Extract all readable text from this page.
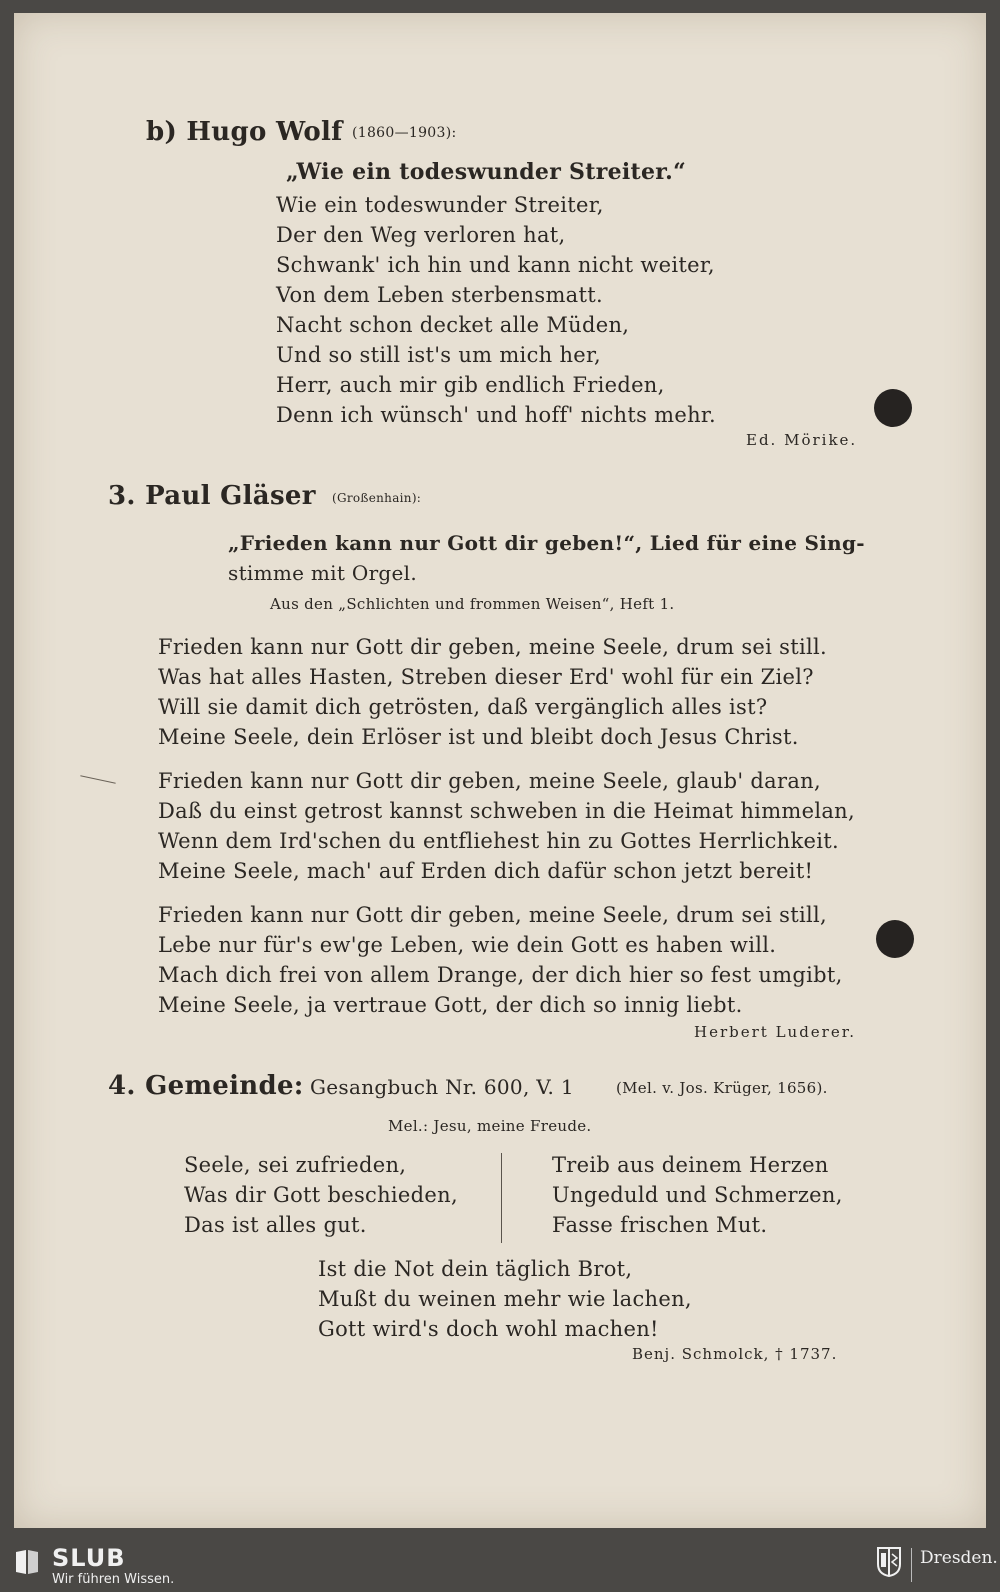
b) Hugo Wolf (1860—1903):
„Wie ein todeswunder Streiter.“
Wie ein todeswunder Streiter,
Der den Weg verloren hat,
Schwank' ich hin und kann nicht weiter,
Von dem Leben sterbensmatt.
Nacht schon decket alle Müden,
Und so still ist's um mich her,
Herr, auch mir gib endlich Frieden,
Denn ich wünsch' und hoff' nichts mehr.
Ed. Mörike.
3. Paul Gläser (Großenhain):
„Frieden kann nur Gott dir geben!“, Lied für eine Sing-
stimme mit Orgel.
Aus den „Schlichten und frommen Weisen“, Heft 1.
Frieden kann nur Gott dir geben, meine Seele, drum sei still.
Was hat alles Hasten, Streben dieser Erd' wohl für ein Ziel?
Will sie damit dich getrösten, daß vergänglich alles ist?
Meine Seele, dein Erlöser ist und bleibt doch Jesus Christ.
Frieden kann nur Gott dir geben, meine Seele, glaub' daran,
Daß du einst getrost kannst schweben in die Heimat himmelan,
Wenn dem Ird'schen du entfliehest hin zu Gottes Herrlichkeit.
Meine Seele, mach' auf Erden dich dafür schon jetzt bereit!
Frieden kann nur Gott dir geben, meine Seele, drum sei still,
Lebe nur für's ew'ge Leben, wie dein Gott es haben will.
Mach dich frei von allem Drange, der dich hier so fest umgibt,
Meine Seele, ja vertraue Gott, der dich so innig liebt.
Herbert Luderer.
4. Gemeinde: Gesangbuch Nr. 600, V. 1	(Mel. v. Jos. Krüger, 1656).
Mel.: Jesu, meine Freude.
Seele, sei zufrieden,
Was dir Gott beschieden,
Das ist alles gut.
Treib aus deinem Herzen
Ungeduld und Schmerzen,
Fasse frischen Mut.
Ist die Not dein täglich Brot,
Mußt du weinen mehr wie lachen,
Gott wird's doch wohl machen!
Benj. Schmolck, † 1737.
SLUB
Wir führen Wissen.
Dresden.
